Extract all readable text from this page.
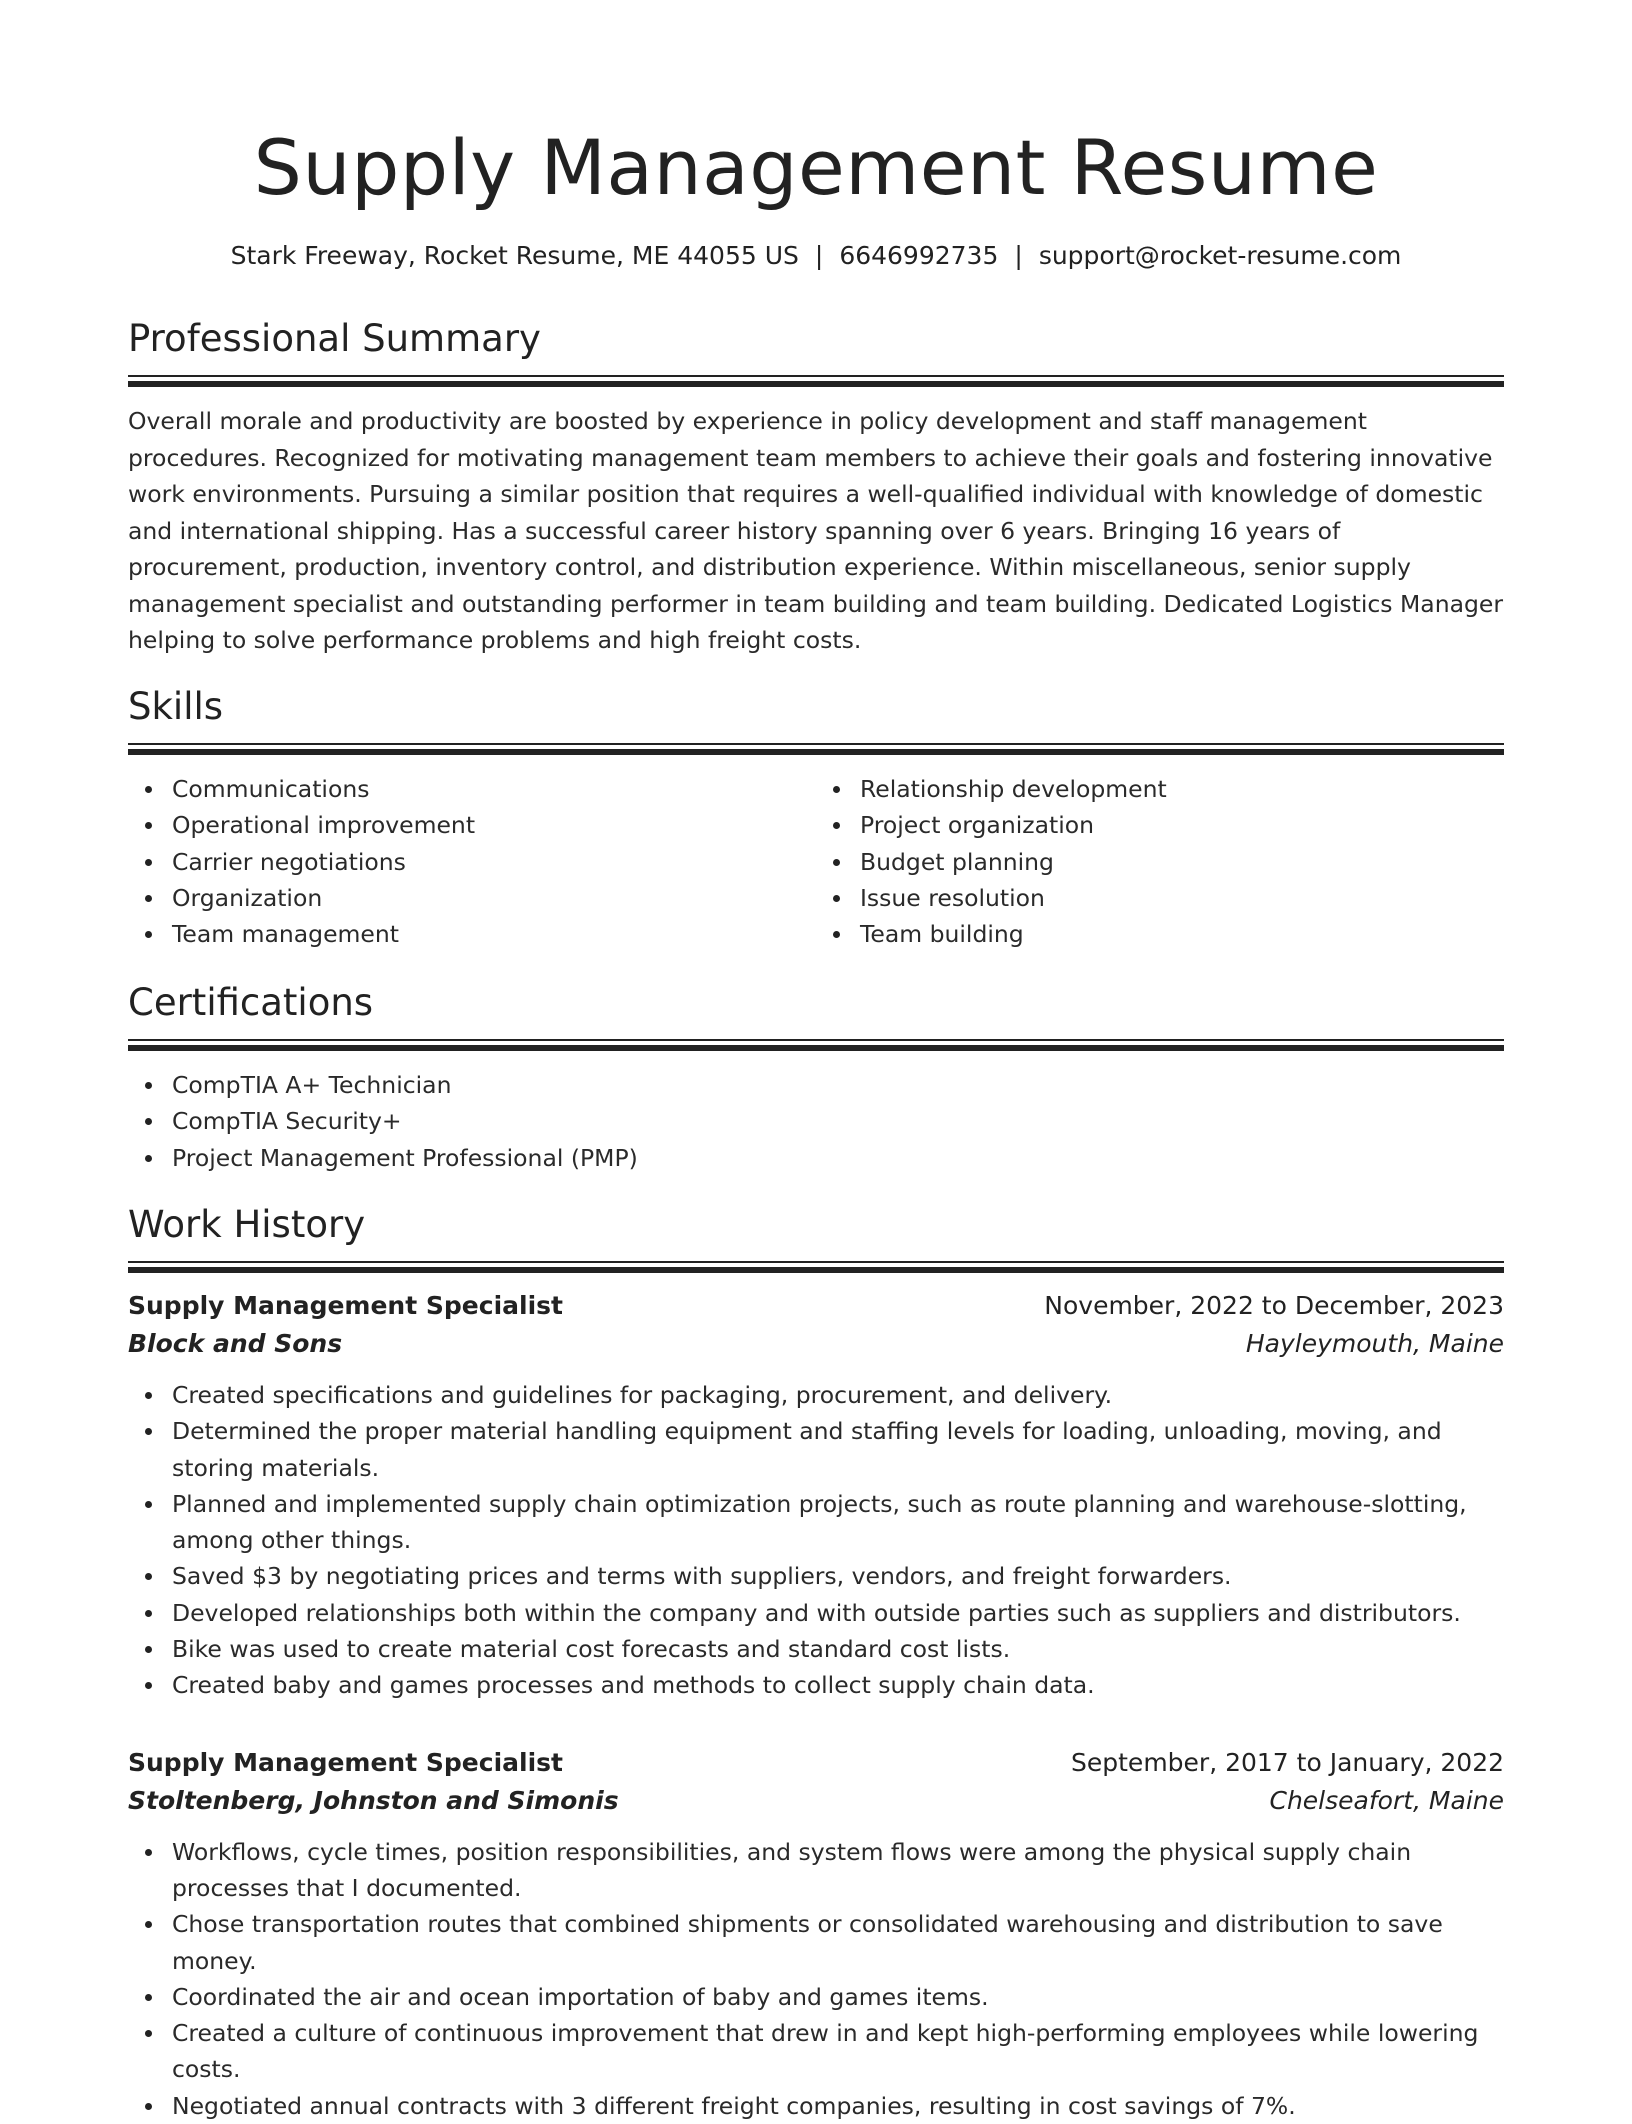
Supply Management Resume
Stark Freeway, Rocket Resume, ME 44055 US | 6646992735 | support@rocket-resume.com
Professional Summary
Overall morale and productivity are boosted by experience in policy development and staff management procedures. Recognized for motivating management team members to achieve their goals and fostering innovative work environments. Pursuing a similar position that requires a well-qualified individual with knowledge of domestic and international shipping. Has a successful career history spanning over 6 years. Bringing 16 years of procurement, production, inventory control, and distribution experience. Within miscellaneous, senior supply management specialist and outstanding performer in team building and team building. Dedicated Logistics Manager helping to solve performance problems and high freight costs.
Skills
Communications
Operational improvement
Carrier negotiations
Organization
Team management
Relationship development
Project organization
Budget planning
Issue resolution
Team building
Certifications
CompTIA A+ Technician
CompTIA Security+
Project Management Professional (PMP)
Work History
Supply Management Specialist	November, 2022 to December, 2023
Block and Sons	Hayleymouth, Maine
Created specifications and guidelines for packaging, procurement, and delivery.
Determined the proper material handling equipment and staffing levels for loading, unloading, moving, and storing materials.
Planned and implemented supply chain optimization projects, such as route planning and warehouse-slotting, among other things.
Saved $3 by negotiating prices and terms with suppliers, vendors, and freight forwarders.
Developed relationships both within the company and with outside parties such as suppliers and distributors.
Bike was used to create material cost forecasts and standard cost lists.
Created baby and games processes and methods to collect supply chain data.
Supply Management Specialist	September, 2017 to January, 2022
Stoltenberg, Johnston and Simonis	Chelseafort, Maine
Workflows, cycle times, position responsibilities, and system flows were among the physical supply chain processes that I documented.
Chose transportation routes that combined shipments or consolidated warehousing and distribution to save money.
Coordinated the air and ocean importation of baby and games items.
Created a culture of continuous improvement that drew in and kept high-performing employees while lowering costs.
Negotiated annual contracts with 3 different freight companies, resulting in cost savings of 7%.
